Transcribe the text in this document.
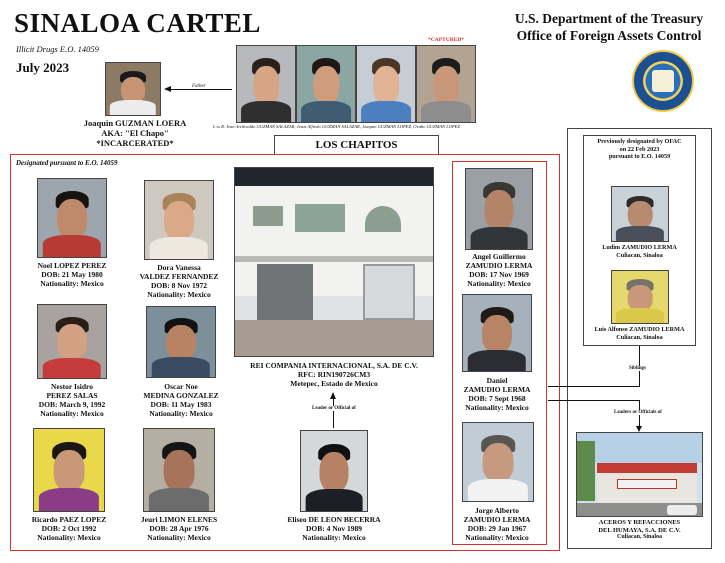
SINALOA CARTEL
Illicit Drugs E.O. 14059
July 2023
U.S. Department of the Treasury
Office of Foreign Assets Control
Joaquin GUZMAN LOERA
AKA: "El Chapo"
*INCARCERATED*
Father
*CAPTURED*
L to R: Ivan Archivaldo GUZMAN SALAZAR, Jesus Alfredo GUZMAN SALAZAR, Joaquin GUZMAN LOPEZ, Ovidio GUZMAN LOPEZ
LOS CHAPITOS
Designated pursuant to E.O. 14059
Noel LOPEZ PEREZ
DOB: 21 May 1980
Nationality: Mexico
Dora Vanessa
VALDEZ FERNANDEZ
DOB: 8 Nov 1972
Nationality: Mexico
Nestor Isidro
PEREZ SALAS
DOB: March 9, 1992
Nationality: Mexico
Oscar Noe
MEDINA GONZALEZ
DOB: 11 May 1983
Nationality: Mexico
Ricardo PAEZ LOPEZ
DOB: 2 Oct 1992
Nationality: Mexico
Jeuri LIMON ELENES
DOB: 28 Apr 1976
Nationality: Mexico
REI COMPANIA INTERNACIONAL, S.A. DE C.V.
RFC: RIN190726CM3
Metepec, Estado de Mexico
Leader or Official of
Eliseo DE LEON BECERRA
DOB: 4 Nov 1989
Nationality: Mexico
Angel Guillermo
ZAMUDIO LERMA
DOB: 17 Nov 1969
Nationality: Mexico
Daniel
ZAMUDIO LERMA
DOB: 7 Sept 1968
Nationality: Mexico
Jorge Alberto
ZAMUDIO LERMA
DOB: 29 Jan 1967
Nationality: Mexico
Previously designated by OFAC
on 22 Feb 2023
pursuant to E.O. 14059
Ludim ZAMUDIO LERMA
Culiacan, Sinaloa
Luis Alfonso ZAMUDIO LERMA
Culiacan, Sinaloa
Siblings
Leaders or Officials of
ACEROS Y REFACCIONES
DEL HUMAYA, S.A. DE C.V.
Culiacan, Sinaloa
